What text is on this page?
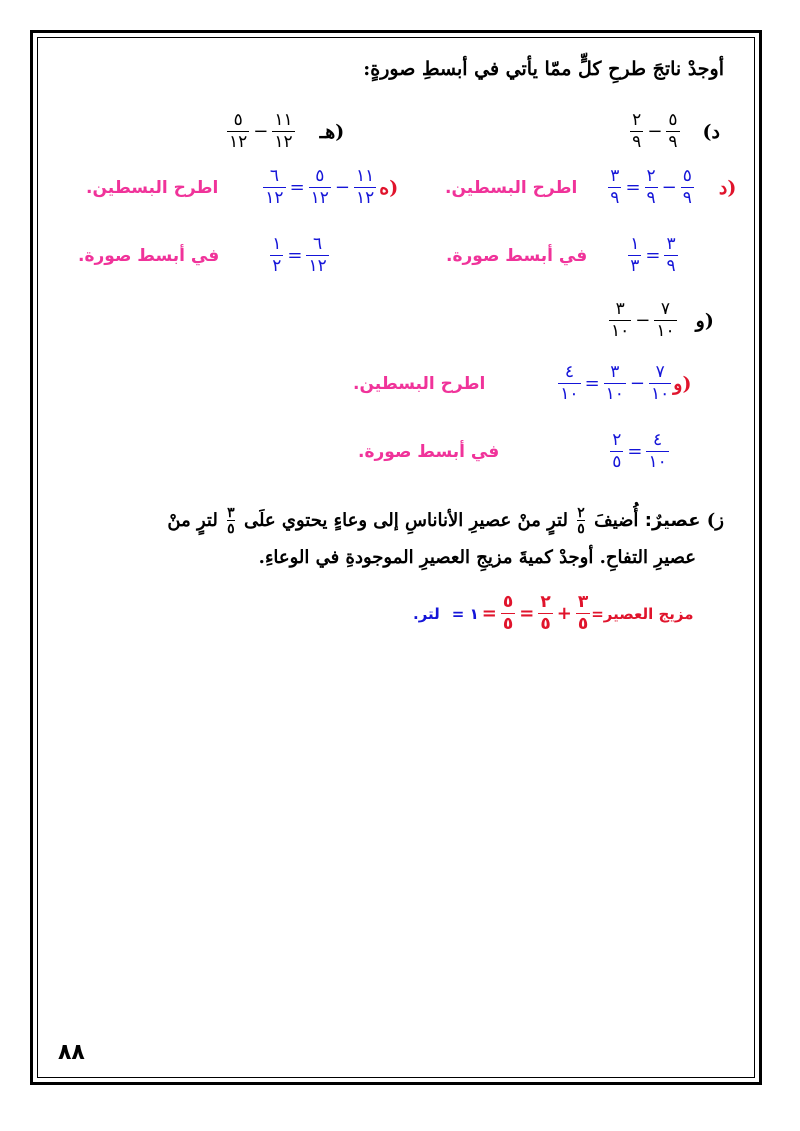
أوجدْ ناتجَ طرحِ كلٍّ ممّا يأتي في أبسطِ صورةٍ:
د)
$\frac{٢}{٩} - \frac{٥}{٩}$
$\frac{٥}{١٢} - \frac{١١}{١٢}$ هـ)
اطرح البسطين. $\frac{٣}{٩} = \frac{٢}{٩} - \frac{٥}{٩}$ د)
اطرح البسطين.	$\frac{٦}{١٢} = \frac{٥}{١٢} - \frac{١١}{١٢}$ ه)
في أبسط صورة. $\frac{١}{٣} = \frac{٣}{٩}$
في أبسط صورة.	$\frac{١}{٢} = \frac{٦}{١٢}$
$\frac{٣}{١٠} - \frac{٧}{١٠}$ و)
اطرح البسطين.	$\frac{٤}{١٠} = \frac{٣}{١٠} - \frac{٧}{١٠}$ و)
في أبسط صورة.	$\frac{٢}{٥} = \frac{٤}{١٠}$
ز) عصيرٌ: أُضيفَ
$\frac{٢}{٥}$
لترٍ منْ عصيرِ الأناناسِ إلى وعاءٍ يحتوي علَى
$\frac{٣}{٥}$
لترٍ منْ
عصيرِ التفاحِ. أوجدْ كميةَ مزيجِ العصيرِ الموجودةِ في الوعاءِ.
لتر. = ١ = $\frac{٥}{٥} = \frac{٢}{٥} + \frac{٣}{٥}$ مزيج العصير=
٨٨
